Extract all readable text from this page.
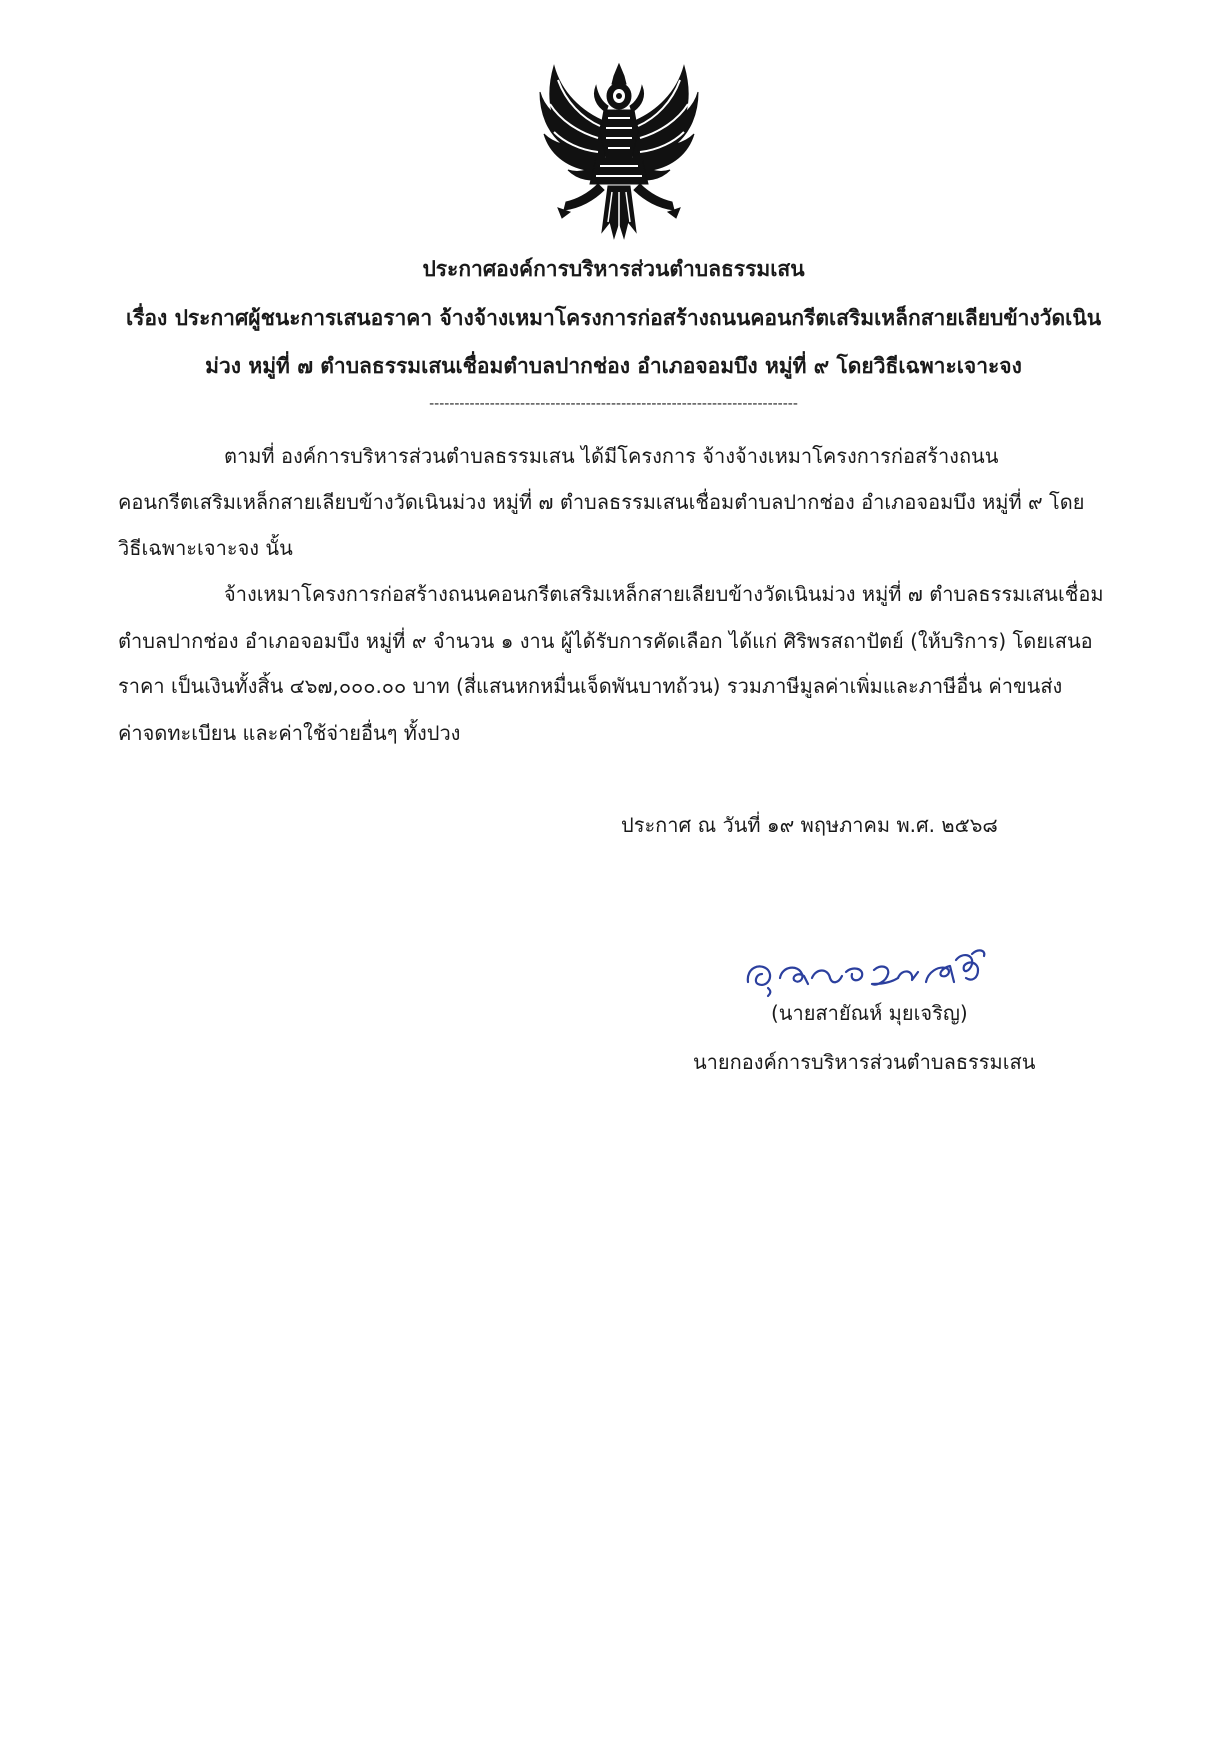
ประกาศองค์การบริหารส่วนตำบลธรรมเสน
เรื่อง ประกาศผู้ชนะการเสนอราคา จ้างจ้างเหมาโครงการก่อสร้างถนนคอนกรีตเสริมเหล็กสายเลียบข้างวัดเนิน
ม่วง หมู่ที่ ๗ ตำบลธรรมเสนเชื่อมตำบลปากช่อง อำเภอจอมบึง หมู่ที่ ๙ โดยวิธีเฉพาะเจาะจง
-------------------------------------------------------------------------
ตามที่ องค์การบริหารส่วนตำบลธรรมเสน ได้มีโครงการ จ้างจ้างเหมาโครงการก่อสร้างถนน
คอนกรีตเสริมเหล็กสายเลียบข้างวัดเนินม่วง หมู่ที่ ๗ ตำบลธรรมเสนเชื่อมตำบลปากช่อง อำเภอจอมบึง หมู่ที่ ๙ โดย
วิธีเฉพาะเจาะจง นั้น
จ้างเหมาโครงการก่อสร้างถนนคอนกรีตเสริมเหล็กสายเลียบข้างวัดเนินม่วง หมู่ที่ ๗ ตำบลธรรมเสนเชื่อม
ตำบลปากช่อง อำเภอจอมบึง หมู่ที่ ๙ จำนวน ๑ งาน ผู้ได้รับการคัดเลือก ได้แก่ ศิริพรสถาปัตย์ (ให้บริการ) โดยเสนอ
ราคา เป็นเงินทั้งสิ้น ๔๖๗,๐๐๐.๐๐ บาท (สี่แสนหกหมื่นเจ็ดพันบาทถ้วน) รวมภาษีมูลค่าเพิ่มและภาษีอื่น ค่าขนส่ง
ค่าจดทะเบียน และค่าใช้จ่ายอื่นๆ ทั้งปวง
ประกาศ ณ วันที่ ๑๙ พฤษภาคม พ.ศ. ๒๕๖๘
(นายสายัณห์ มุยเจริญ)
นายกองค์การบริหารส่วนตำบลธรรมเสน
